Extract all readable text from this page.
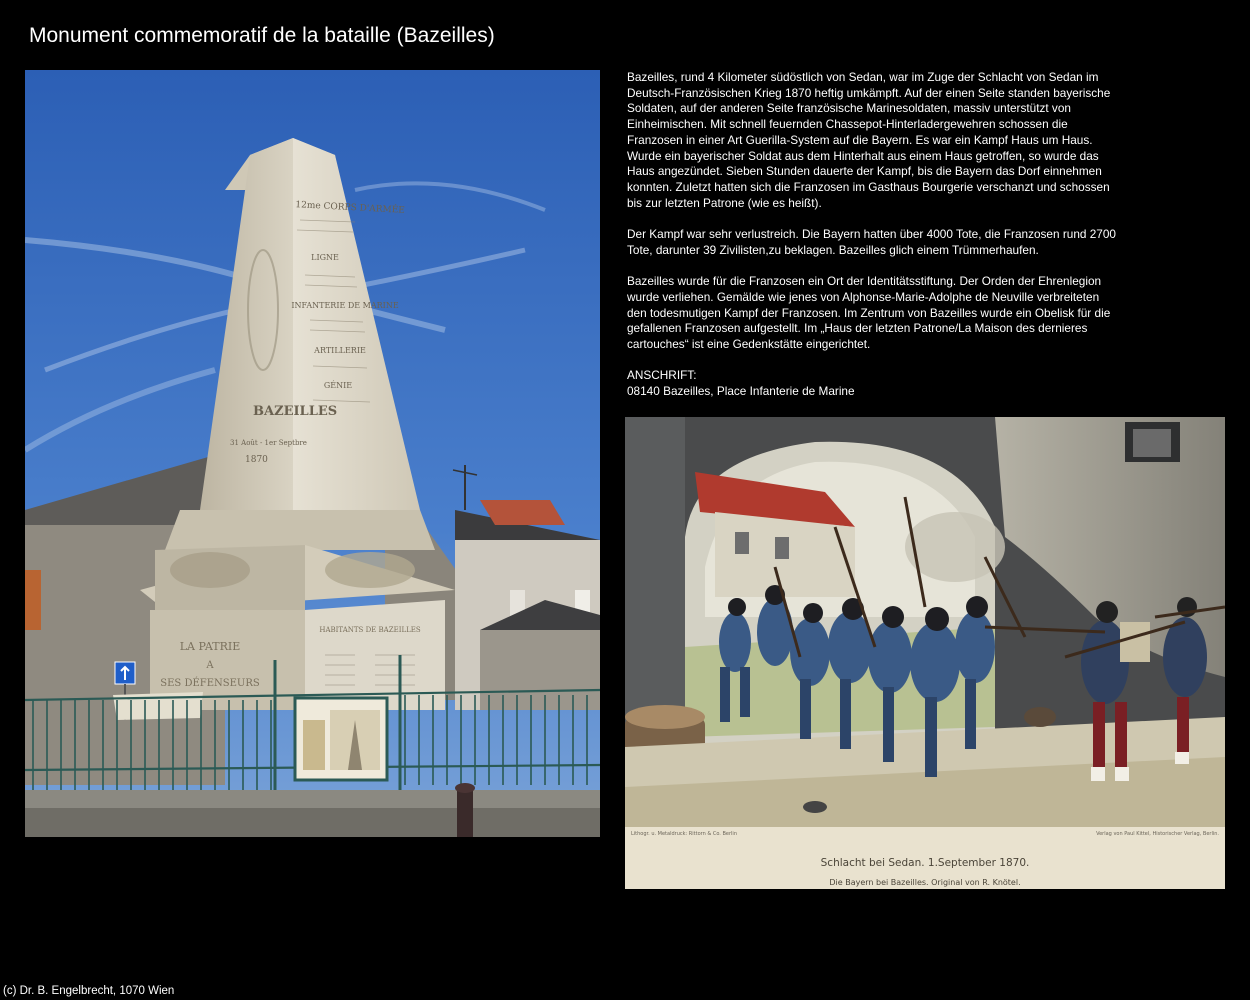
Monument commemoratif de la bataille (Bazeilles)
12me CORPS D'ARMÉE
LIGNE
INFANTERIE DE MARINE
ARTILLERIE
GÉNIE
BAZEILLES
31 Août - 1er Septbre
1870
LA PATRIE
A
SES DÉFENSEURS
HABITANTS DE BAZEILLES

Bazeilles, rund 4 Kilometer südöstlich von Sedan, war im Zuge der Schlacht von Sedan im Deutsch-Französischen Krieg 1870 heftig umkämpft. Auf der einen Seite standen bayerische Soldaten, auf der anderen Seite französische Marinesoldaten, massiv unterstützt von Einheimischen. Mit schnell feuernden Chassepot-Hinterladergewehren schossen die Franzosen in einer Art Guerilla-System auf die Bayern. Es war ein Kampf Haus um Haus. Wurde ein bayerischer Soldat aus dem Hinterhalt aus einem Haus getroffen, so wurde das Haus angezündet. Sieben Stunden dauerte der Kampf, bis die Bayern das Dorf einnehmen konnten. Zuletzt hatten sich die Franzosen im Gasthaus Bourgerie verschanzt und schossen bis zur letzten Patrone (wie es heißt).

Der Kampf war sehr verlustreich. Die Bayern hatten über 4000 Tote, die Franzosen rund 2700 Tote, darunter 39 Zivilisten,zu beklagen. Bazeilles glich einem Trümmerhaufen.

Bazeilles wurde für die Franzosen ein Ort der Identitätsstiftung. Der Orden der Ehrenlegion wurde verliehen. Gemälde wie jenes von Alphonse-Marie-Adolphe de Neuville verbreiteten den todesmutigen Kampf der Franzosen. Im Zentrum von Bazeilles wurde ein Obelisk für die gefallenen Franzosen aufgestellt. Im „Haus der letzten Patrone/La Maison des dernieres cartouches“ ist eine Gedenkstätte eingerichtet.

ANSCHRIFT:
08140 Bazeilles, Place Infanterie de Marine
Lithogr. u. Metaldruck: Rittorn & Co. Berlin	Verlag von Paul Kittel, Historischer Verlag, Berlin.
Schlacht bei Sedan. 1.September 1870.
Die Bayern bei Bazeilles. Original von R. Knötel.
(c) Dr. B. Engelbrecht, 1070 Wien
